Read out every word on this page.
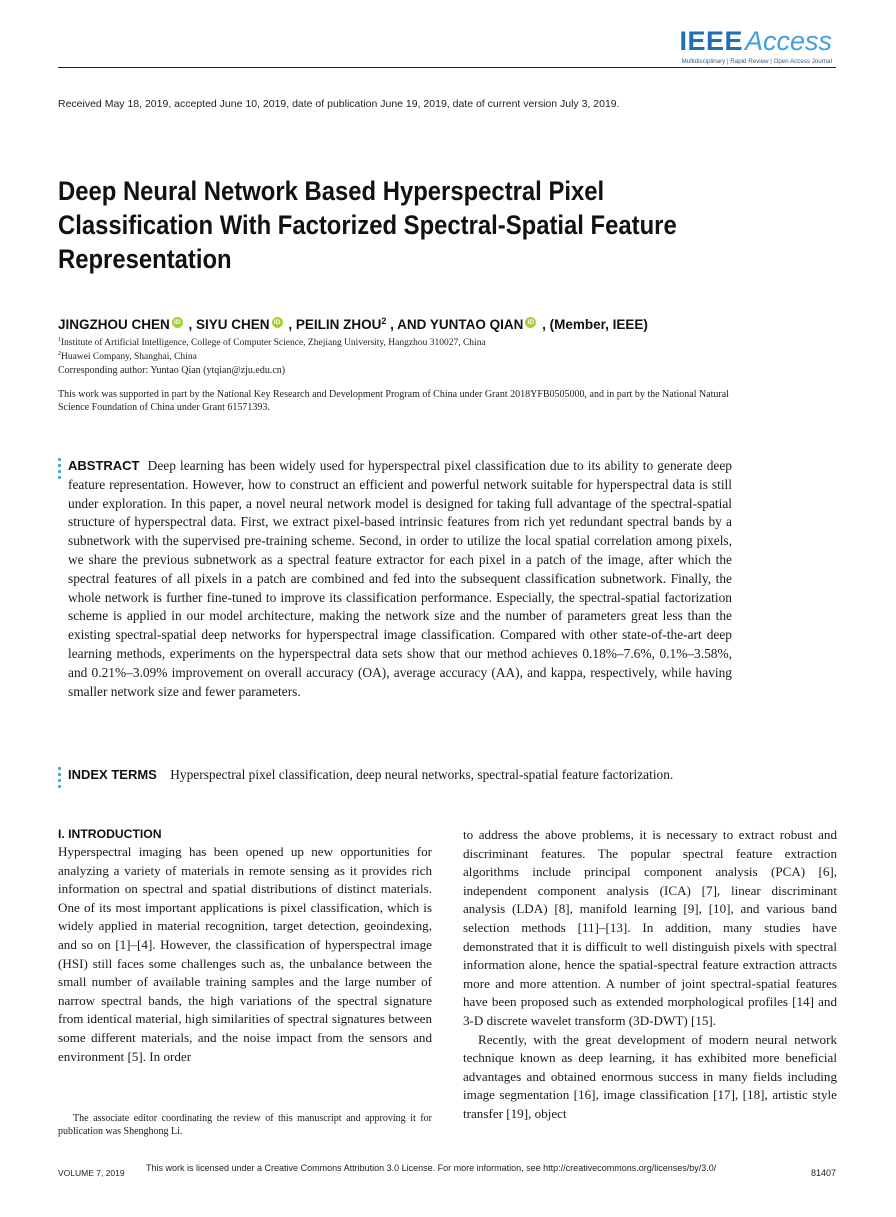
IEEEAccess
Multidisciplinary | Rapid Review | Open Access Journal
Received May 18, 2019, accepted June 10, 2019, date of publication June 19, 2019, date of current version July 3, 2019.
Deep Neural Network Based Hyperspectral Pixel Classification With Factorized Spectral-Spatial Feature Representation
JINGZHOU CHEN iD , SIYU CHEN iD , PEILIN ZHOU$^2$ , AND YUNTAO QIAN iD , (Member, IEEE)
$^1$Institute of Artificial Intelligence, College of Computer Science, Zhejiang University, Hangzhou 310027, China
$^2$Huawei Company, Shanghai, China
Corresponding author: Yuntao Qian (ytqian@zju.edu.cn)
This work was supported in part by the National Key Research and Development Program of China under Grant 2018YFB0505000, and in part by the National Natural Science Foundation of China under Grant 61571393.
ABSTRACT Deep learning has been widely used for hyperspectral pixel classification due to its ability to generate deep feature representation. However, how to construct an efficient and powerful network suitable for hyperspectral data is still under exploration. In this paper, a novel neural network model is designed for taking full advantage of the spectral-spatial structure of hyperspectral data. First, we extract pixel-based intrinsic features from rich yet redundant spectral bands by a subnetwork with the supervised pre-training scheme. Second, in order to utilize the local spatial correlation among pixels, we share the previous subnetwork as a spectral feature extractor for each pixel in a patch of the image, after which the spectral features of all pixels in a patch are combined and fed into the subsequent classification subnetwork. Finally, the whole network is further fine-tuned to improve its classification performance. Especially, the spectral-spatial factorization scheme is applied in our model architecture, making the network size and the number of parameters great less than the existing spectral-spatial deep networks for hyperspectral image classification. Compared with other state-of-the-art deep learning methods, experiments on the hyperspectral data sets show that our method achieves 0.18%–7.6%, 0.1%–3.58%, and 0.21%–3.09% improvement on overall accuracy (OA), average accuracy (AA), and kappa, respectively, while having smaller network size and fewer parameters.
INDEX TERMS Hyperspectral pixel classification, deep neural networks, spectral-spatial feature factorization.
I. INTRODUCTION

Hyperspectral imaging has been opened up new opportunities for analyzing a variety of materials in remote sensing as it provides rich information on spectral and spatial distributions of distinct materials. One of its most important applications is pixel classification, which is widely applied in material recognition, target detection, geoindexing, and so on [1]–[4]. However, the classification of hyperspectral image (HSI) still faces some challenges such as, the unbalance between the small number of available training samples and the large number of narrow spectral bands, the high variations of the spectral signature from identical material, high similarities of spectral signatures between some different materials, and the noise impact from the sensors and environment [5]. In order

to address the above problems, it is necessary to extract robust and discriminant features. The popular spectral feature extraction algorithms include principal component analysis (PCA) [6], independent component analysis (ICA) [7], linear discriminant analysis (LDA) [8], manifold learning [9], [10], and various band selection methods [11]–[13]. In addition, many studies have demonstrated that it is difficult to well distinguish pixels with spectral information alone, hence the spatial-spectral feature extraction attracts more and more attention. A number of joint spectral-spatial features have been proposed such as extended morphological profiles [14] and 3-D discrete wavelet transform (3D-DWT) [15].

Recently, with the great development of modern neural network technique known as deep learning, it has exhibited more beneficial advantages and obtained enormous success in many fields including image segmentation [16], image classification [17], [18], artistic style transfer [19], object

The associate editor coordinating the review of this manuscript and approving it for publication was Shenghong Li.
VOLUME 7, 2019 This work is licensed under a Creative Commons Attribution 3.0 License. For more information, see http://creativecommons.org/licenses/by/3.0/	81407
